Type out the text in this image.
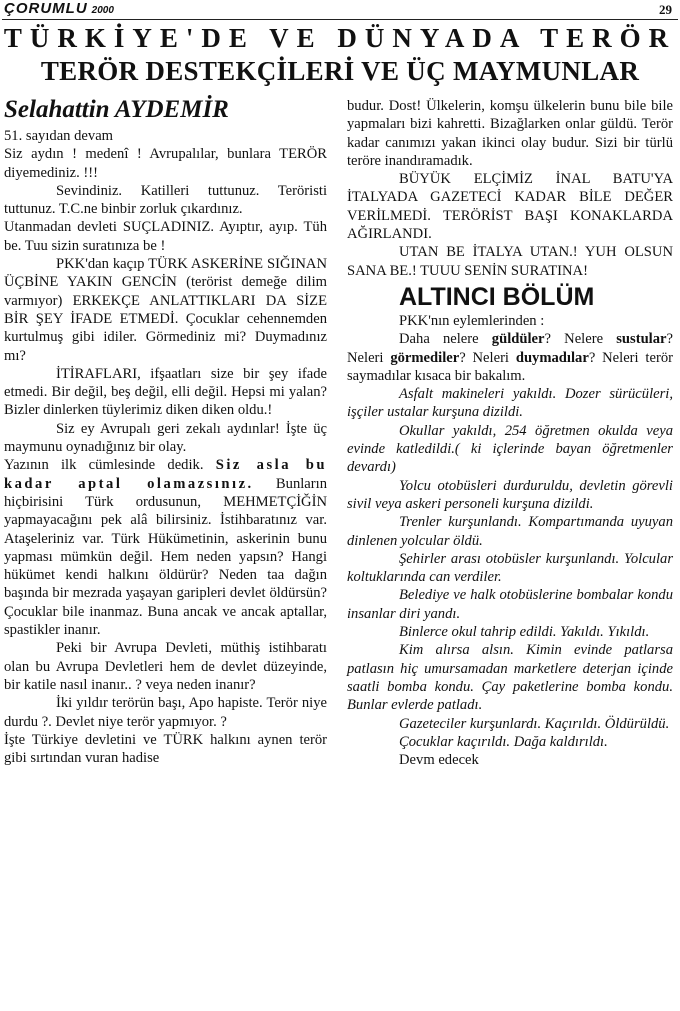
ÇORUMLU 2000	29
TÜRKİYE'DE VE DÜNYADA TERÖR
TERÖR DESTEKÇİLERİ VE ÜÇ MAYMUNLAR

Selahattin AYDEMİR

51. sayıdan devam

Siz aydın ! medenî ! Avrupalılar, bunlara TERÖR diyemediniz. !!!

Sevindiniz. Katilleri tuttunuz. Teröristi tuttunuz. T.C.ne binbir zorluk çıkardınız.

Utanmadan devleti SUÇLADINIZ. Ayıptır, ayıp. Tüh be. Tuu sizin suratınıza be !

PKK'dan kaçıp TÜRK ASKERİNE SIĞINAN ÜÇBİNE YAKIN GENCİN (terörist demeğe dilim varmıyor) ERKEKÇE ANLATTIKLARI DA SİZE BİR ŞEY İFADE ETMEDİ. Çocuklar cehennemden kurtulmuş gibi idiler. Görmediniz mi? Duymadınız mı?

İTİRAFLARI, ifşaatları size bir şey ifade etmedi. Bir değil, beş değil, elli değil. Hepsi mi yalan? Bizler dinlerken tüylerimiz diken diken oldu.!

Siz ey Avrupalı geri zekalı aydınlar! İşte üç maymunu oynadığınız bir olay.

Yazının ilk cümlesinde dedik. Siz asla bu kadar aptal olamazsınız. Bunların hiçbirisini Türk ordusunun, MEHMETÇİĞİN yapmayacağını pek alâ bilirsiniz. İstihbaratınız var. Ataşeleriniz var. Türk Hükümetinin, askerinin bunu yapması mümkün değil. Hem neden yapsın? Hangi hükümet kendi halkını öldürür? Neden taa dağın başında bir mezrada yaşayan garipleri devlet öldürsün? Çocuklar bile inanmaz. Buna ancak ve ancak aptallar, spastikler inanır.

Peki bir Avrupa Devleti, müthiş istihbaratı olan bu Avrupa Devletleri hem de devlet düzeyinde, bir katile nasıl inanır.. ? veya neden inanır?

İki yıldır terörün başı, Apo hapiste. Terör niye durdu ?. Devlet niye terör yapmıyor. ?

İşte Türkiye devletini ve TÜRK halkını aynen terör gibi sırtından vuran hadise

budur. Dost! Ülkelerin, komşu ülkelerin bunu bile bile yapmaları bizi kahretti. Bizağlarken onlar güldü. Terör kadar canımızı yakan ikinci olay budur. Sizi bir türlü teröre inandıramadık.

BÜYÜK ELÇİMİZ İNAL BATU'YA İTALYADA GAZETECİ KADAR BİLE DEĞER VERİLMEDİ. TERÖRİST BAŞI KONAKLARDA AĞIRLANDI.

UTAN BE İTALYA UTAN.! YUH OLSUN SANA BE.! TUUU SENİN SURATINA!

ALTINCI BÖLÜM

PKK'nın eylemlerinden :

Daha nelere güldüler? Nelere sustular? Neleri görmediler? Neleri duymadılar? Neleri terör saymadılar kısaca bir bakalım.

Asfalt makineleri yakıldı. Dozer sürücüleri, işçiler ustalar kurşuna dizildi.

Okullar yakıldı, 254 öğretmen okulda veya evinde katledildi.( ki içlerinde bayan öğretmenler devardı)

Yolcu otobüsleri durduruldu, devletin görevli sivil veya askeri personeli kurşuna dizildi.

Trenler kurşunlandı. Kompartımanda uyuyan dinlenen yolcular öldü.

Şehirler arası otobüsler kurşunlandı. Yolcular koltuklarında can verdiler.

Belediye ve halk otobüslerine bombalar kondu insanlar diri yandı.

Binlerce okul tahrip edildi. Yakıldı. Yıkıldı.

Kim alırsa alsın. Kimin evinde patlarsa patlasın hiç umursamadan marketlere deterjan içinde saatli bomba kondu. Çay paketlerine bomba kondu. Bunlar evlerde patladı.

Gazeteciler kurşunlardı. Kaçırıldı. Öldürüldü.

Çocuklar kaçırıldı. Dağa kaldırıldı.

Devm edecek
